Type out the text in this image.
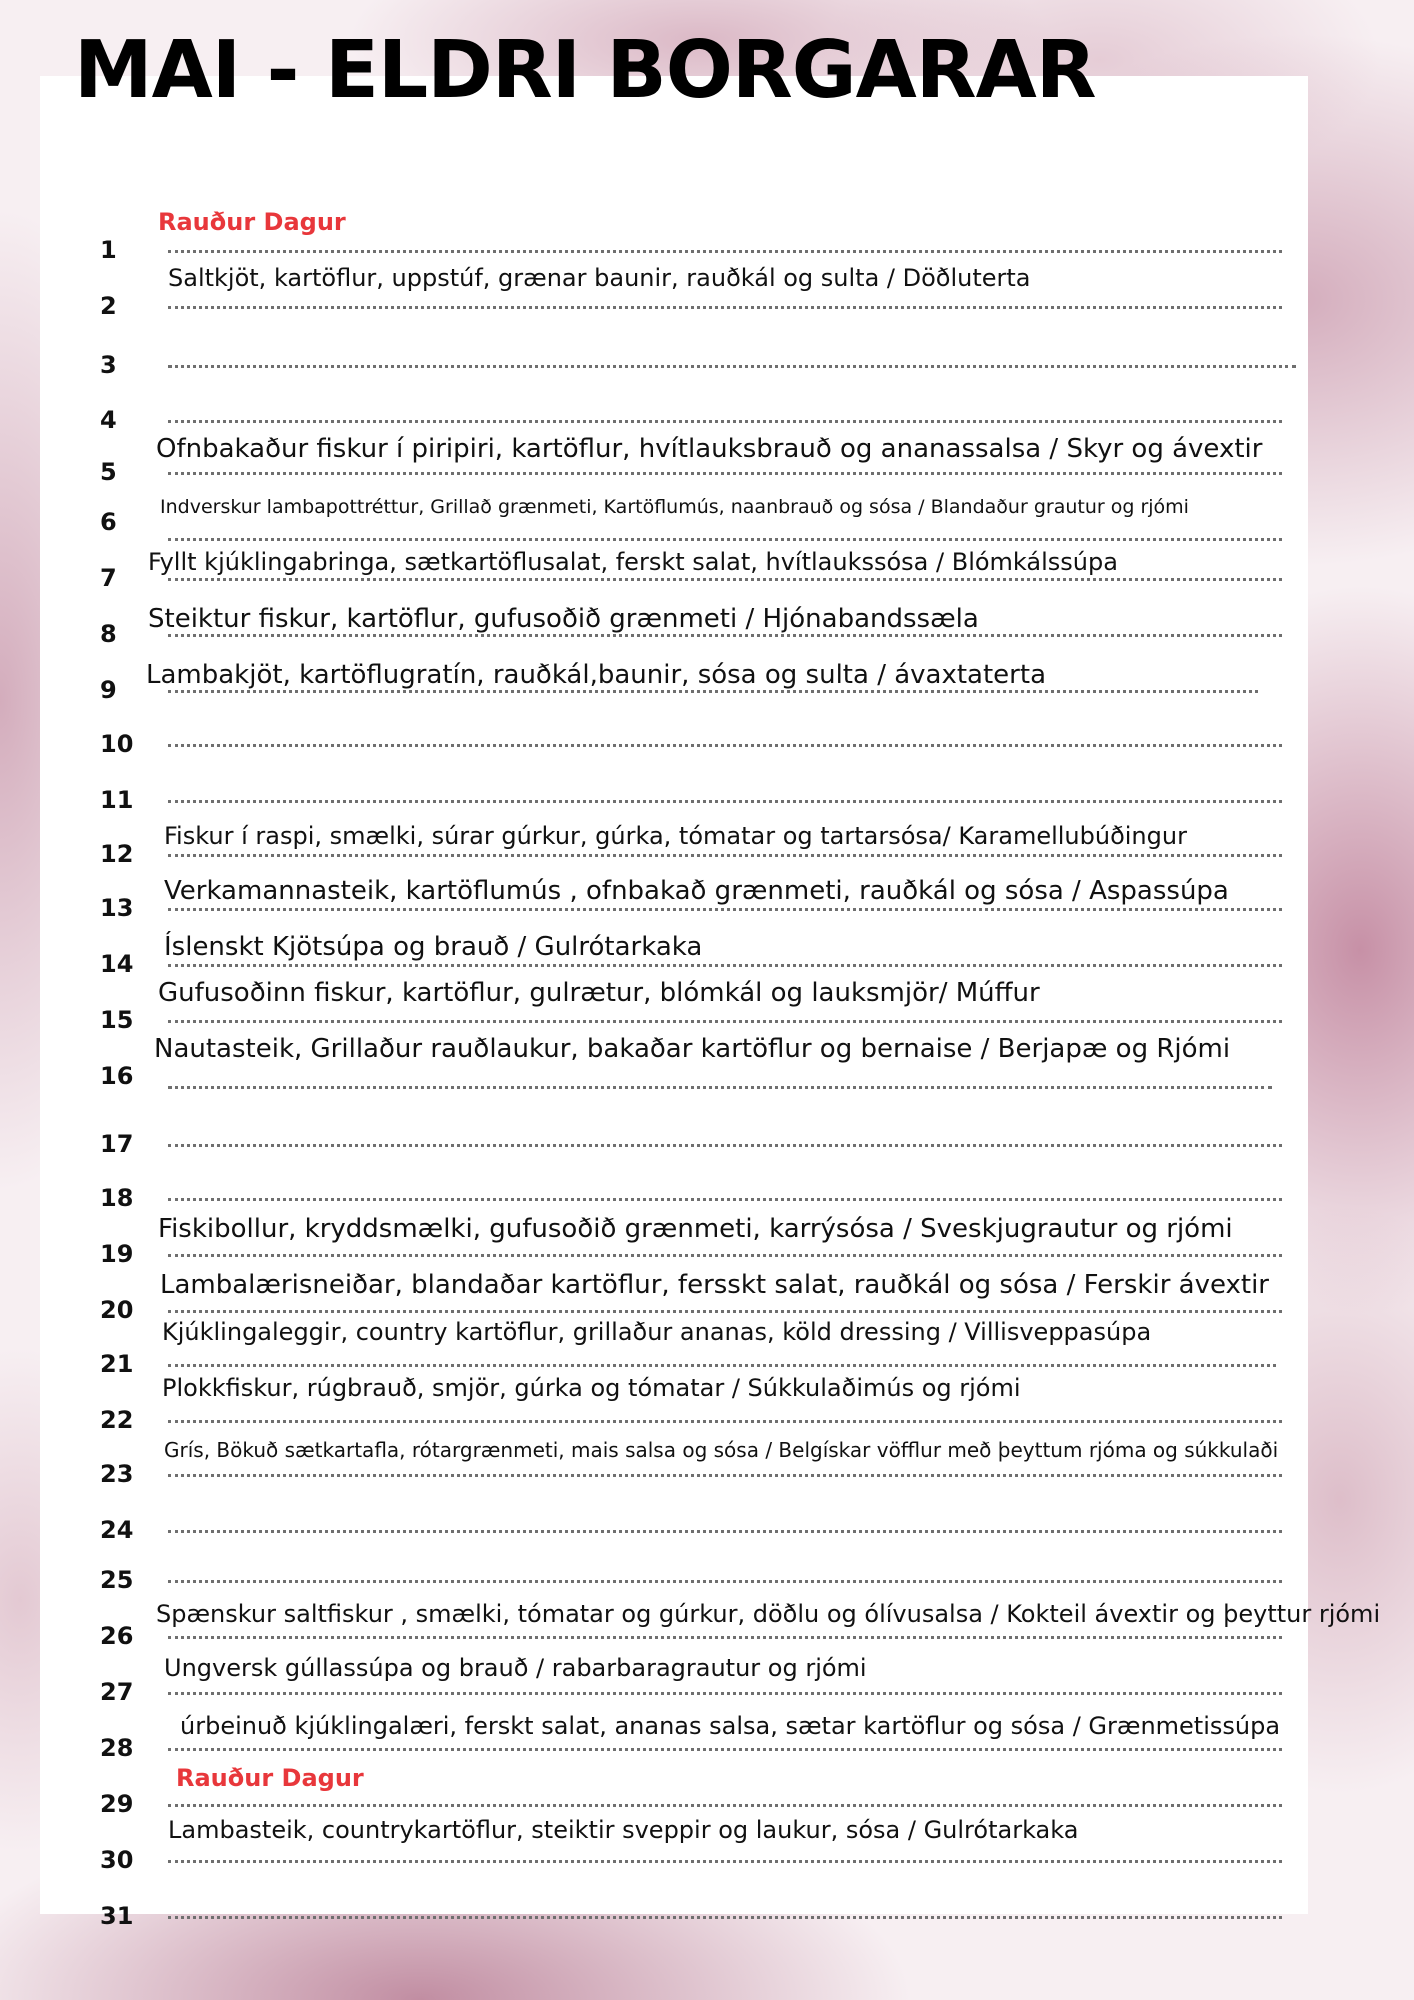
MAI - ELDRI BORGARAR
1
Rauður Dagur
2
Saltkjöt, kartöflur, uppstúf, grænar baunir, rauðkál og sulta / Döðluterta
3
4
5
Ofnbakaður fiskur í piripiri, kartöflur, hvítlauksbrauð og ananassalsa / Skyr og ávextir
6
Indverskur lambapottréttur, Grillað grænmeti, Kartöflumús, naanbrauð og sósa / Blandaður grautur og rjómi
7
Fyllt kjúklingabringa, sætkartöflusalat, ferskt salat, hvítlaukssósa / Blómkálssúpa
8	Steiktur fiskur, kartöflur, gufusoðið grænmeti / Hjónabandssæla
9	Lambakjöt, kartöflugratín, rauðkál,baunir, sósa og sulta / ávaxtaterta
10
11
12
Fiskur í raspi, smælki, súrar gúrkur, gúrka, tómatar og tartarsósa/ Karamellubúðingur
13
Verkamannasteik, kartöflumús , ofnbakað grænmeti, rauðkál og sósa / Aspassúpa
14
Íslenskt Kjötsúpa og brauð / Gulrótarkaka
15
Gufusoðinn fiskur, kartöflur, gulrætur, blómkál og lauksmjör/ Múffur
16
Nautasteik, Grillaður rauðlaukur, bakaðar kartöflur og bernaise / Berjapæ og Rjómi
17
18
19
Fiskibollur, kryddsmælki, gufusoðið grænmeti, karrýsósa / Sveskjugrautur og rjómi
20
Lambalærisneiðar, blandaðar kartöflur, fersskt salat, rauðkál og sósa / Ferskir ávextir
21
Kjúklingaleggir, country kartöflur, grillaður ananas, köld dressing / Villisveppasúpa
22
Plokkfiskur, rúgbrauð, smjör, gúrka og tómatar / Súkkulaðimús og rjómi
23
Grís, Bökuð sætkartafla, rótargrænmeti, mais salsa og sósa / Belgískar vöfflur með þeyttum rjóma og súkkulaði
24
25
26
Spænskur saltfiskur , smælki, tómatar og gúrkur, döðlu og ólívusalsa / Kokteil ávextir og þeyttur rjómi
27
Ungversk gúllassúpa og brauð / rabarbaragrautur og rjómi
28
úrbeinuð kjúklingalæri, ferskt salat, ananas salsa, sætar kartöflur og sósa / Grænmetissúpa
29
Rauður Dagur
30
Lambasteik, countrykartöflur, steiktir sveppir og laukur, sósa / Gulrótarkaka
31
